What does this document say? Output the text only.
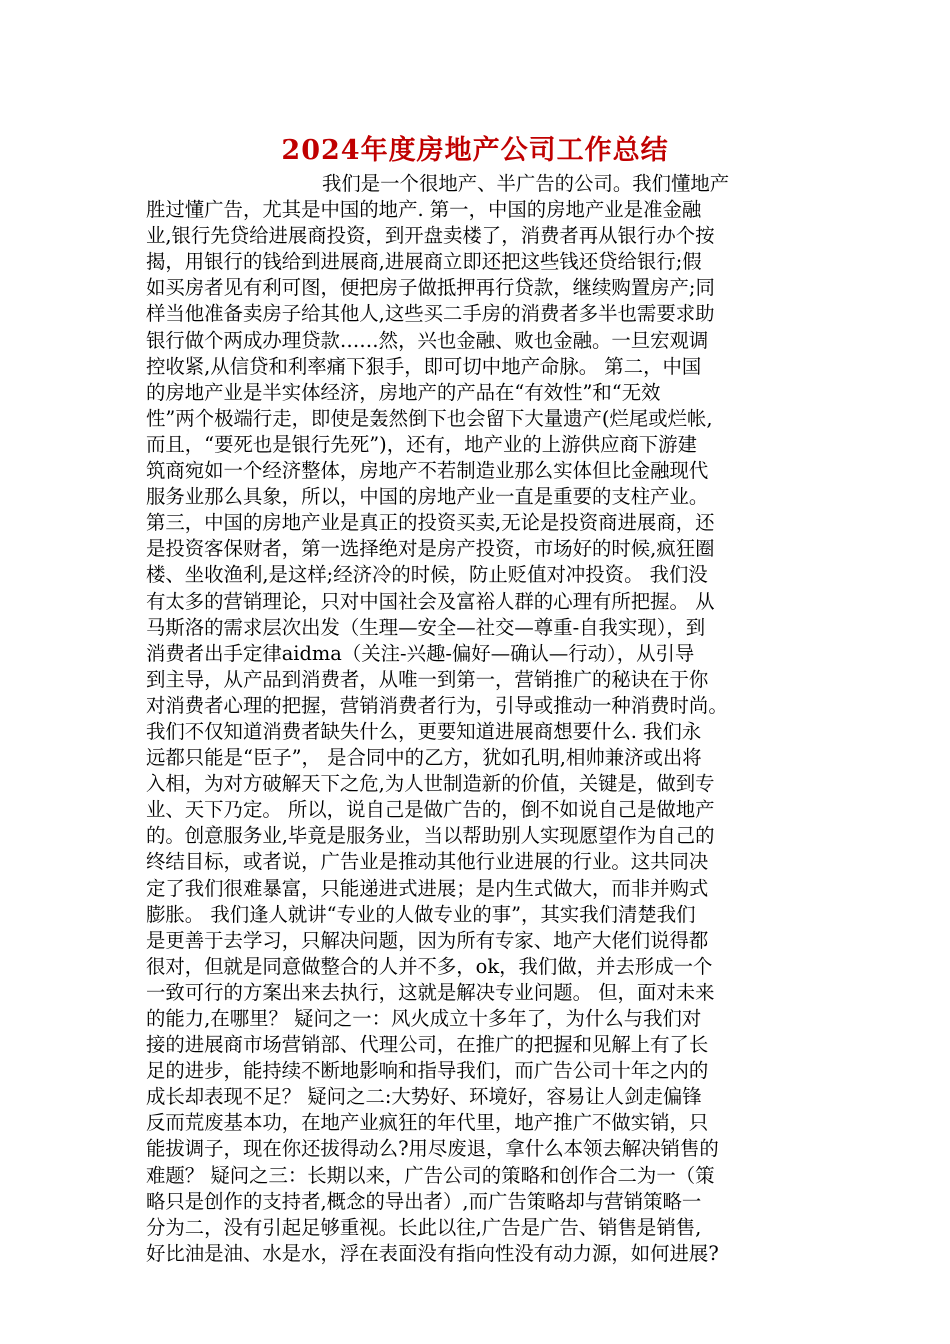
2024年度房地产公司工作总结
我们是一个很地产、半广告的公司。我们懂地产
胜过懂广告，尤其是中国的地产. 第一，中国的房地产业是准金融
业,银行先贷给进展商投资，到开盘卖楼了，消费者再从银行办个按
揭，用银行的钱给到进展商,进展商立即还把这些钱还贷给银行;假
如买房者见有利可图，便把房子做抵押再行贷款，继续购置房产;同
样当他准备卖房子给其他人,这些买二手房的消费者多半也需要求助
银行做个两成办理贷款……然，兴也金融、败也金融。一旦宏观调
控收紧,从信贷和利率痛下狠手，即可切中地产命脉。 第二，中国
的房地产业是半实体经济，房地产的产品在“有效性”和“无效
性”两个极端行走，即使是轰然倒下也会留下大量遗产(烂尾或烂帐,
而且，“要死也是银行先死”)，还有，地产业的上游供应商下游建
筑商宛如一个经济整体，房地产不若制造业那么实体但比金融现代
服务业那么具象，所以，中国的房地产业一直是重要的支柱产业。
第三，中国的房地产业是真正的投资买卖,无论是投资商进展商，还
是投资客保财者，第一选择绝对是房产投资，市场好的时候,疯狂圈
楼、坐收渔利,是这样;经济冷的时候，防止贬值对冲投资。 我们没
有太多的营销理论，只对中国社会及富裕人群的心理有所把握。 从
马斯洛的需求层次出发（生理—安全—社交—尊重-自我实现），到
消费者出手定律aidma（关注-兴趣-偏好—确认—行动），从引导
到主导，从产品到消费者，从唯一到第一，营销推广的秘诀在于你
对消费者心理的把握，营销消费者行为，引导或推动一种消费时尚。
我们不仅知道消费者缺失什么，更要知道进展商想要什么. 我们永
远都只能是“臣子”， 是合同中的乙方，犹如孔明,相帅兼济或出将
入相，为对方破解天下之危,为人世制造新的价值，关键是，做到专
业、天下乃定。 所以，说自己是做广告的，倒不如说自己是做地产
的。创意服务业,毕竟是服务业，当以帮助别人实现愿望作为自己的
终结目标，或者说，广告业是推动其他行业进展的行业。这共同决
定了我们很难暴富，只能递进式进展；是内生式做大，而非并购式
膨胀。 我们逢人就讲“专业的人做专业的事”，其实我们清楚我们
是更善于去学习，只解决问题，因为所有专家、地产大佬们说得都
很对，但就是同意做整合的人并不多，ok，我们做，并去形成一个
一致可行的方案出来去执行，这就是解决专业问题。 但，面对未来
的能力,在哪里？ 疑问之一：风火成立十多年了，为什么与我们对
接的进展商市场营销部、代理公司，在推广的把握和见解上有了长
足的进步，能持续不断地影响和指导我们，而广告公司十年之内的
成长却表现不足？ 疑问之二:大势好、环境好，容易让人剑走偏锋
反而荒废基本功，在地产业疯狂的年代里，地产推广不做实销，只
能拔调子，现在你还拔得动么?用尽废退，拿什么本领去解决销售的
难题？ 疑问之三：长期以来，广告公司的策略和创作合二为一（策
略只是创作的支持者,概念的导出者）,而广告策略却与营销策略一
分为二，没有引起足够重视。长此以往,广告是广告、销售是销售,
好比油是油、水是水，浮在表面没有指向性没有动力源，如何进展?
